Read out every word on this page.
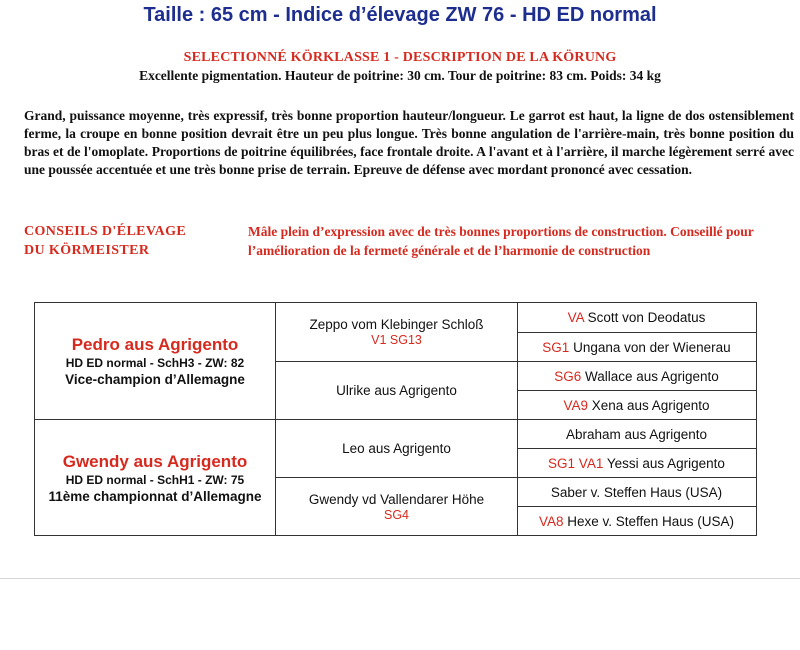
Taille : 65 cm - Indice d’élevage ZW 76 - HD ED normal
SELECTIONNÉ KÖRKLASSE 1 - DESCRIPTION DE LA KÖRUNG
Excellente pigmentation. Hauteur de poitrine: 30 cm. Tour de poitrine: 83 cm. Poids: 34 kg
Grand, puissance moyenne, très expressif, très bonne proportion hauteur/longueur. Le garrot est haut, la ligne de dos ostensiblement ferme, la croupe en bonne position devrait être un peu plus longue. Très bonne angulation de l'arrière-main, très bonne position du bras et de l'omoplate. Proportions de poitrine équilibrées, face frontale droite. A l'avant et à l'arrière, il marche légèrement serré avec une poussée accentuée et une très bonne prise de terrain. Epreuve de défense avec mordant prononcé avec cessation.
CONSEILS D'ÉLEVAGE
DU KÖRMEISTER
Mâle plein d’expression avec de très bonnes proportions de construction. Conseillé pour l’amélioration de la fermeté générale et de l’harmonie de construction
Pedro aus Agrigento
HD ED normal - SchH3 - ZW: 82
Vice-champion d’Allemagne
Gwendy aus Agrigento
HD ED normal - SchH1 - ZW: 75
11ème championnat d’Allemagne
Zeppo vom Klebinger Schloß
V1 SG13
Ulrike aus Agrigento
Leo aus Agrigento
Gwendy vd Vallendarer Höhe
SG4
VA Scott von Deodatus
SG1 Ungana von der Wienerau
SG6 Wallace aus Agrigento
VA9 Xena aus Agrigento
Abraham aus Agrigento
SG1 VA1 Yessi aus Agrigento
Saber v. Steffen Haus (USA)
VA8 Hexe v. Steffen Haus (USA)
